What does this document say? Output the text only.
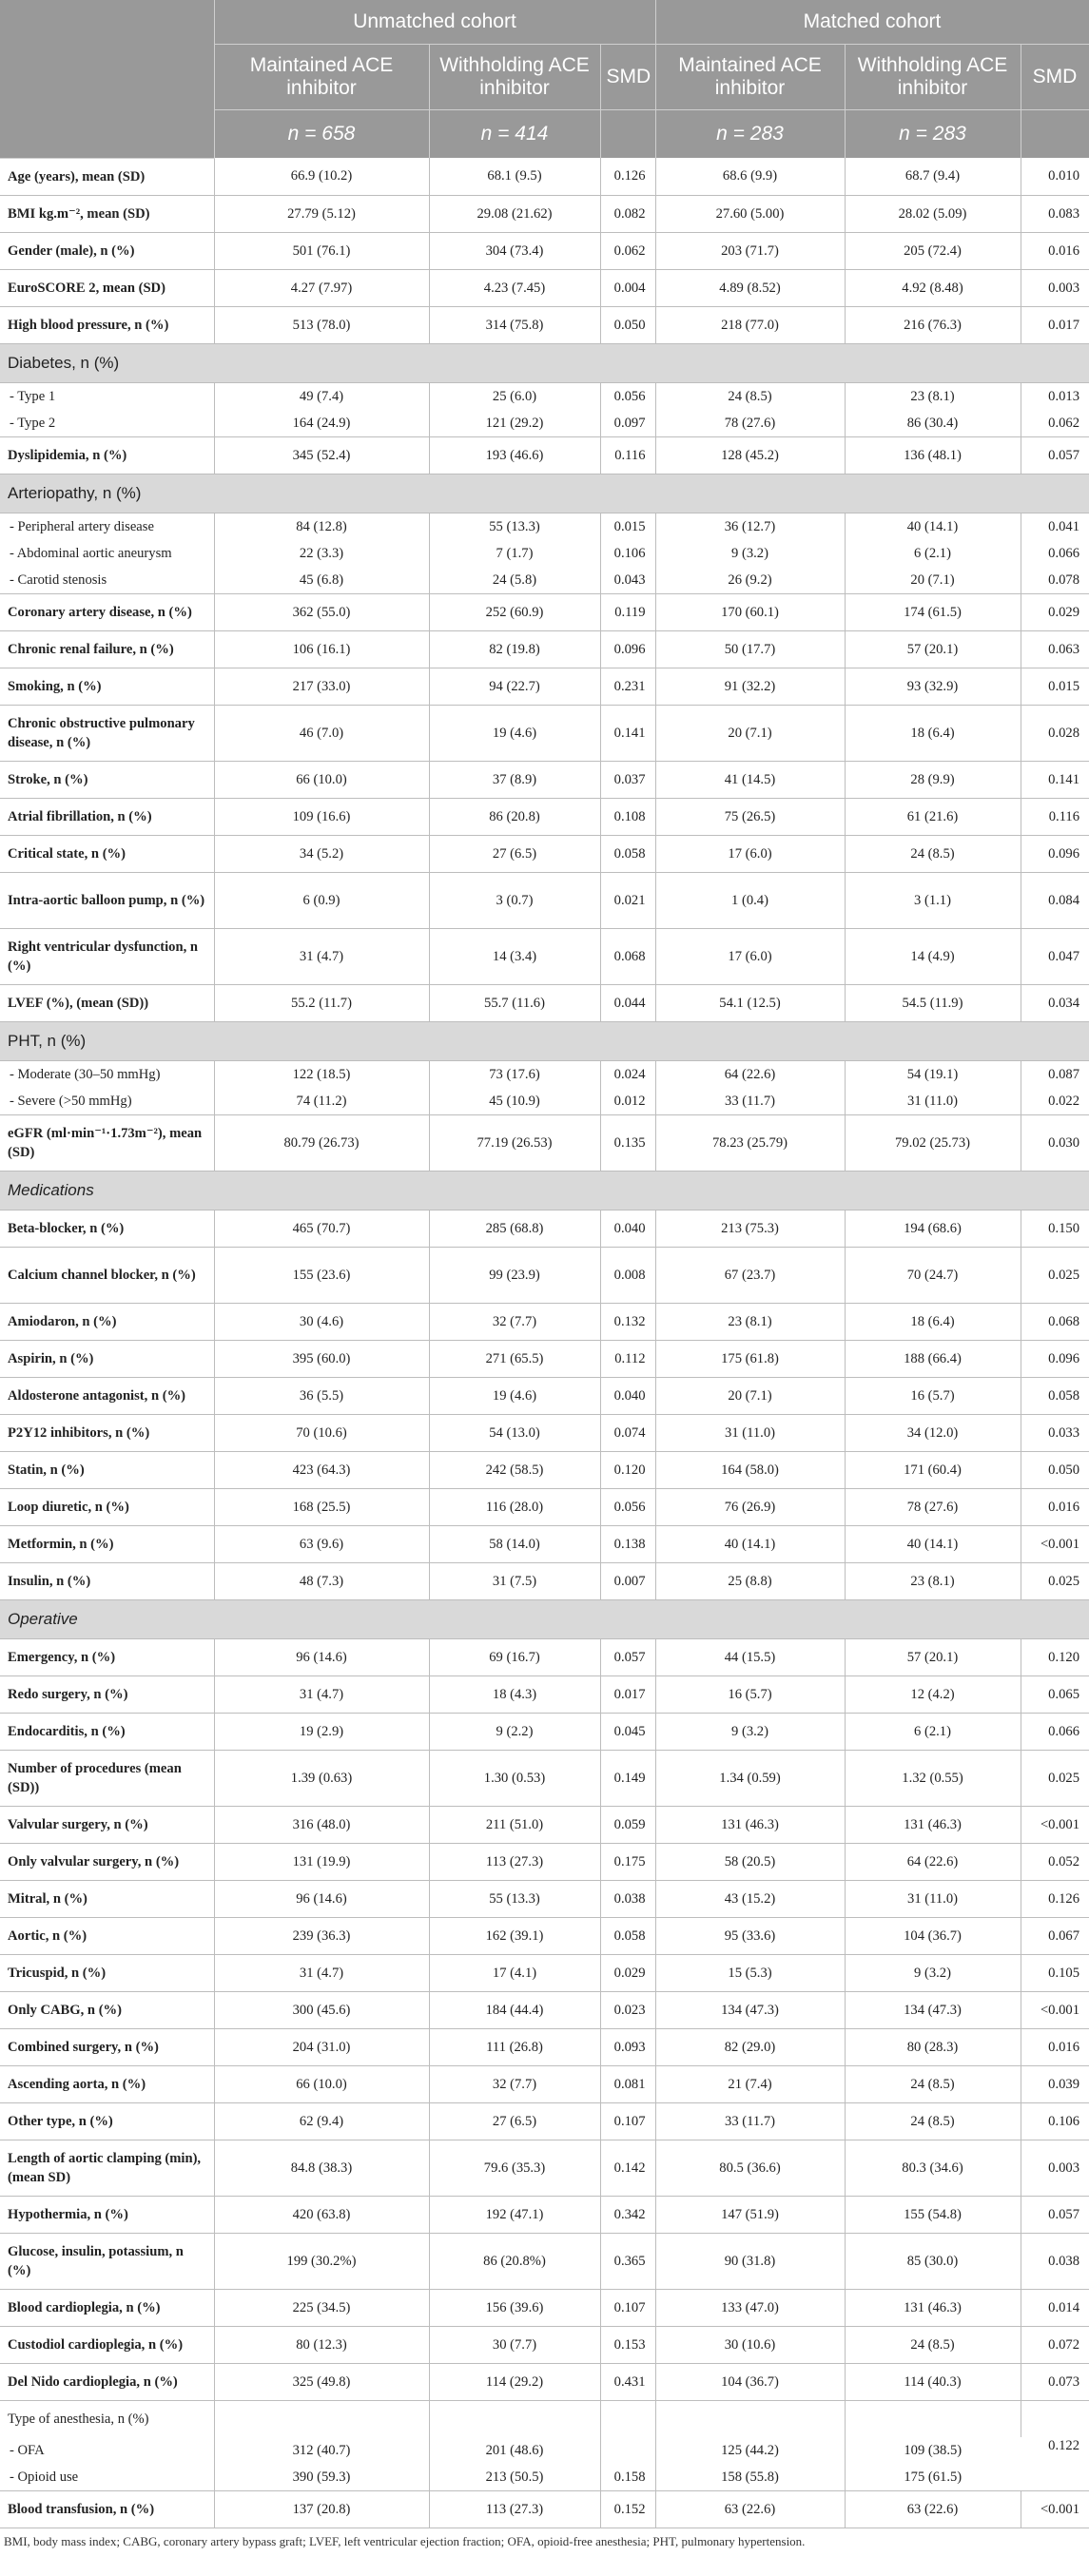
	Unmatched cohort			Matched cohort		
	Maintained ACE inhibitor	Withholding ACE inhibitor	SMD	Maintained ACE inhibitor	Withholding ACE inhibitor	SMD
	n = 658	n = 414		n = 283	n = 283	
Age (years), mean (SD)	66.9 (10.2)	68.1 (9.5)	0.126	68.6 (9.9)	68.7 (9.4)	0.010
BMI kg.m⁻², mean (SD)	27.79 (5.12)	29.08 (21.62)	0.082	27.60 (5.00)	28.02 (5.09)	0.083
Gender (male), n (%)	501 (76.1)	304 (73.4)	0.062	203 (71.7)	205 (72.4)	0.016
EuroSCORE 2, mean (SD)	4.27 (7.97)	4.23 (7.45)	0.004	4.89 (8.52)	4.92 (8.48)	0.003
High blood pressure, n (%)	513 (78.0)	314 (75.8)	0.050	218 (77.0)	216 (76.3)	0.017
Diabetes, n (%)						
- Type 1	49 (7.4)	25 (6.0)	0.056	24 (8.5)	23 (8.1)	0.013
- Type 2	164 (24.9)	121 (29.2)	0.097	78 (27.6)	86 (30.4)	0.062
Dyslipidemia, n (%)	345 (52.4)	193 (46.6)	0.116	128 (45.2)	136 (48.1)	0.057
Arteriopathy, n (%)						
- Peripheral artery disease	84 (12.8)	55 (13.3)	0.015	36 (12.7)	40 (14.1)	0.041
- Abdominal aortic aneurysm	22 (3.3)	7 (1.7)	0.106	9 (3.2)	6 (2.1)	0.066
- Carotid stenosis	45 (6.8)	24 (5.8)	0.043	26 (9.2)	20 (7.1)	0.078
Coronary artery disease, n (%)	362 (55.0)	252 (60.9)	0.119	170 (60.1)	174 (61.5)	0.029
Chronic renal failure, n (%)	106 (16.1)	82 (19.8)	0.096	50 (17.7)	57 (20.1)	0.063
Smoking, n (%)	217 (33.0)	94 (22.7)	0.231	91 (32.2)	93 (32.9)	0.015
Chronic obstructive pulmonary disease, n (%)	46 (7.0)	19 (4.6)	0.141	20 (7.1)	18 (6.4)	0.028
Stroke, n (%)	66 (10.0)	37 (8.9)	0.037	41 (14.5)	28 (9.9)	0.141
Atrial fibrillation, n (%)	109 (16.6)	86 (20.8)	0.108	75 (26.5)	61 (21.6)	0.116
Critical state, n (%)	34 (5.2)	27 (6.5)	0.058	17 (6.0)	24 (8.5)	0.096
Intra-aortic balloon pump, n (%)	6 (0.9)	3 (0.7)	0.021	1 (0.4)	3 (1.1)	0.084
Right ventricular dysfunction, n (%)	31 (4.7)	14 (3.4)	0.068	17 (6.0)	14 (4.9)	0.047
LVEF (%), (mean (SD))	55.2 (11.7)	55.7 (11.6)	0.044	54.1 (12.5)	54.5 (11.9)	0.034
PHT, n (%)						
- Moderate (30–50 mmHg)	122 (18.5)	73 (17.6)	0.024	64 (22.6)	54 (19.1)	0.087
- Severe (>50 mmHg)	74 (11.2)	45 (10.9)	0.012	33 (11.7)	31 (11.0)	0.022
eGFR (ml·min⁻¹·1.73m⁻²), mean (SD)	80.79 (26.73)	77.19 (26.53)	0.135	78.23 (25.79)	79.02 (25.73)	0.030
Medications						
Beta-blocker, n (%)	465 (70.7)	285 (68.8)	0.040	213 (75.3)	194 (68.6)	0.150
Calcium channel blocker, n (%)	155 (23.6)	99 (23.9)	0.008	67 (23.7)	70 (24.7)	0.025
Amiodaron, n (%)	30 (4.6)	32 (7.7)	0.132	23 (8.1)	18 (6.4)	0.068
Aspirin, n (%)	395 (60.0)	271 (65.5)	0.112	175 (61.8)	188 (66.4)	0.096
Aldosterone antagonist, n (%)	36 (5.5)	19 (4.6)	0.040	20 (7.1)	16 (5.7)	0.058
P2Y12 inhibitors, n (%)	70 (10.6)	54 (13.0)	0.074	31 (11.0)	34 (12.0)	0.033
Statin, n (%)	423 (64.3)	242 (58.5)	0.120	164 (58.0)	171 (60.4)	0.050
Loop diuretic, n (%)	168 (25.5)	116 (28.0)	0.056	76 (26.9)	78 (27.6)	0.016
Metformin, n (%)	63 (9.6)	58 (14.0)	0.138	40 (14.1)	40 (14.1)	<0.001
Insulin, n (%)	48 (7.3)	31 (7.5)	0.007	25 (8.8)	23 (8.1)	0.025
Operative						
Emergency, n (%)	96 (14.6)	69 (16.7)	0.057	44 (15.5)	57 (20.1)	0.120
Redo surgery, n (%)	31 (4.7)	18 (4.3)	0.017	16 (5.7)	12 (4.2)	0.065
Endocarditis, n (%)	19 (2.9)	9 (2.2)	0.045	9 (3.2)	6 (2.1)	0.066
Number of procedures (mean (SD))	1.39 (0.63)	1.30 (0.53)	0.149	1.34 (0.59)	1.32 (0.55)	0.025
Valvular surgery, n (%)	316 (48.0)	211 (51.0)	0.059	131 (46.3)	131 (46.3)	<0.001
Only valvular surgery, n (%)	131 (19.9)	113 (27.3)	0.175	58 (20.5)	64 (22.6)	0.052
Mitral, n (%)	96 (14.6)	55 (13.3)	0.038	43 (15.2)	31 (11.0)	0.126
Aortic, n (%)	239 (36.3)	162 (39.1)	0.058	95 (33.6)	104 (36.7)	0.067
Tricuspid, n (%)	31 (4.7)	17 (4.1)	0.029	15 (5.3)	9 (3.2)	0.105
Only CABG, n (%)	300 (45.6)	184 (44.4)	0.023	134 (47.3)	134 (47.3)	<0.001
Combined surgery, n (%)	204 (31.0)	111 (26.8)	0.093	82 (29.0)	80 (28.3)	0.016
Ascending aorta, n (%)	66 (10.0)	32 (7.7)	0.081	21 (7.4)	24 (8.5)	0.039
Other type, n (%)	62 (9.4)	27 (6.5)	0.107	33 (11.7)	24 (8.5)	0.106
Length of aortic clamping (min), (mean SD)	84.8 (38.3)	79.6 (35.3)	0.142	80.5 (36.6)	80.3 (34.6)	0.003
Hypothermia, n (%)	420 (63.8)	192 (47.1)	0.342	147 (51.9)	155 (54.8)	0.057
Glucose, insulin, potassium, n (%)	199 (30.2%)	86 (20.8%)	0.365	90 (31.8)	85 (30.0)	0.038
Blood cardioplegia, n (%)	225 (34.5)	156 (39.6)	0.107	133 (47.0)	131 (46.3)	0.014
Custodiol cardioplegia, n (%)	80 (12.3)	30 (7.7)	0.153	30 (10.6)	24 (8.5)	0.072
Del Nido cardioplegia, n (%)	325 (49.8)	114 (29.2)	0.431	104 (36.7)	114 (40.3)	0.073
Type of anesthesia, n (%)						0.122
- OFA	312 (40.7)	201 (48.6)		125 (44.2)	109 (38.5)	
- Opioid use	390 (59.3)	213 (50.5)	0.158	158 (55.8)	175 (61.5)	
Blood transfusion, n (%)	137 (20.8)	113 (27.3)	0.152	63 (22.6)	63 (22.6)	<0.001
BMI, body mass index; CABG, coronary artery bypass graft; LVEF, left ventricular ejection fraction; OFA, opioid-free anesthesia; PHT, pulmonary hypertension.
